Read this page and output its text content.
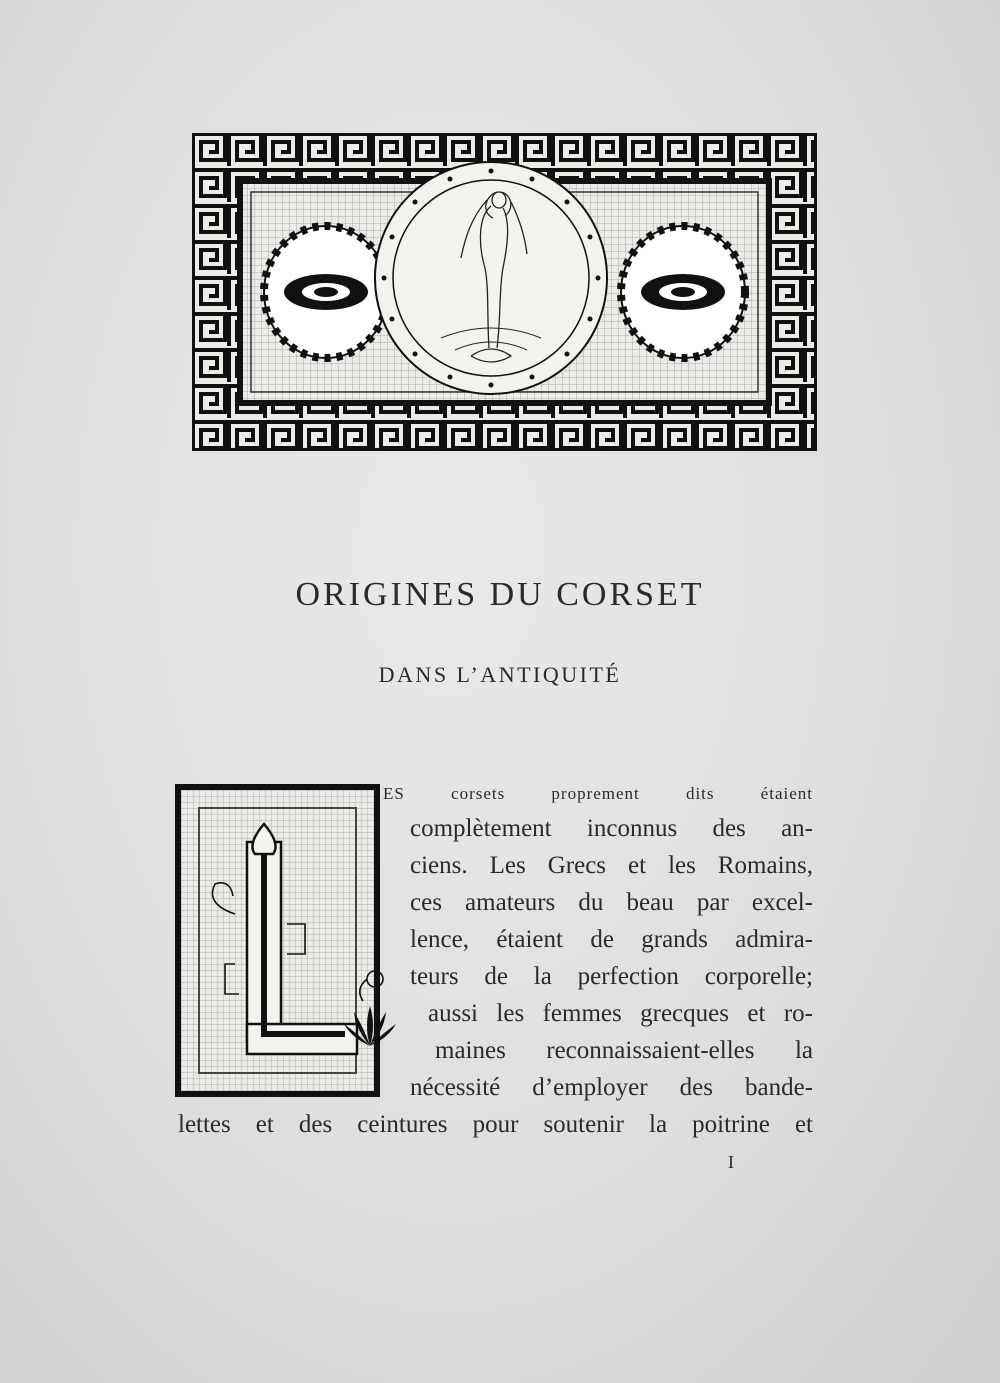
ORIGINES DU CORSET
DANS L’ANTIQUITÉ
ES corsets proprement dits étaient
complètement inconnus des an-
ciens. Les Grecs et les Romains,
ces amateurs du beau par excel-
lence, étaient de grands admira-
teurs de la perfection corporelle;
aussi les femmes grecques et ro-
maines reconnaissaient-elles la
nécessité d’employer des bande-
lettes et des ceintures pour soutenir la poitrine et
I
